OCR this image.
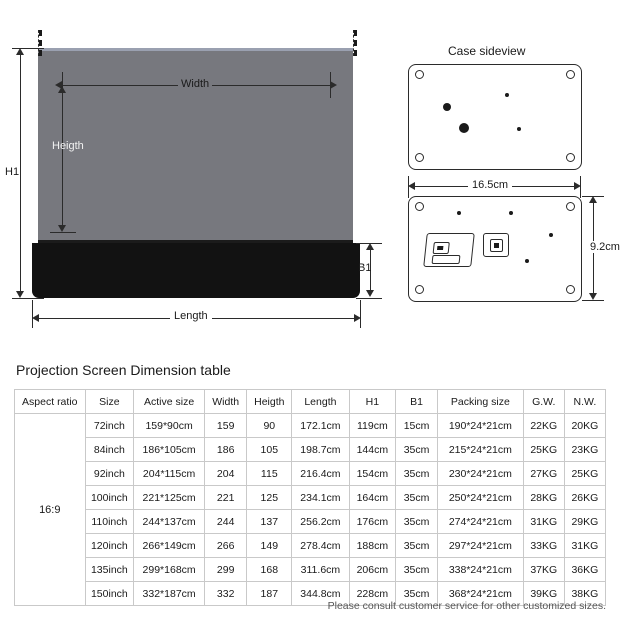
Width
Heigth
H1
B1
Length
Case sideview
16.5cm
9.2cm
Projection Screen Dimension table
Aspect ratio	Size	Active size	Width	Heigth	Length	H1	B1	Packing size	G.W.	N.W.
16:9	72inch	159*90cm	159	90	172.1cm	119cm	15cm	190*24*21cm	22KG	20KG
	84inch	186*105cm	186	105	198.7cm	144cm	35cm	215*24*21cm	25KG	23KG
	92inch	204*115cm	204	115	216.4cm	154cm	35cm	230*24*21cm	27KG	25KG
	100inch	221*125cm	221	125	234.1cm	164cm	35cm	250*24*21cm	28KG	26KG
	110inch	244*137cm	244	137	256.2cm	176cm	35cm	274*24*21cm	31KG	29KG
	120inch	266*149cm	266	149	278.4cm	188cm	35cm	297*24*21cm	33KG	31KG
	135inch	299*168cm	299	168	311.6cm	206cm	35cm	338*24*21cm	37KG	36KG
	150inch	332*187cm	332	187	344.8cm	228cm	35cm	368*24*21cm	39KG	38KG
Please consult customer service for other customized sizes.
